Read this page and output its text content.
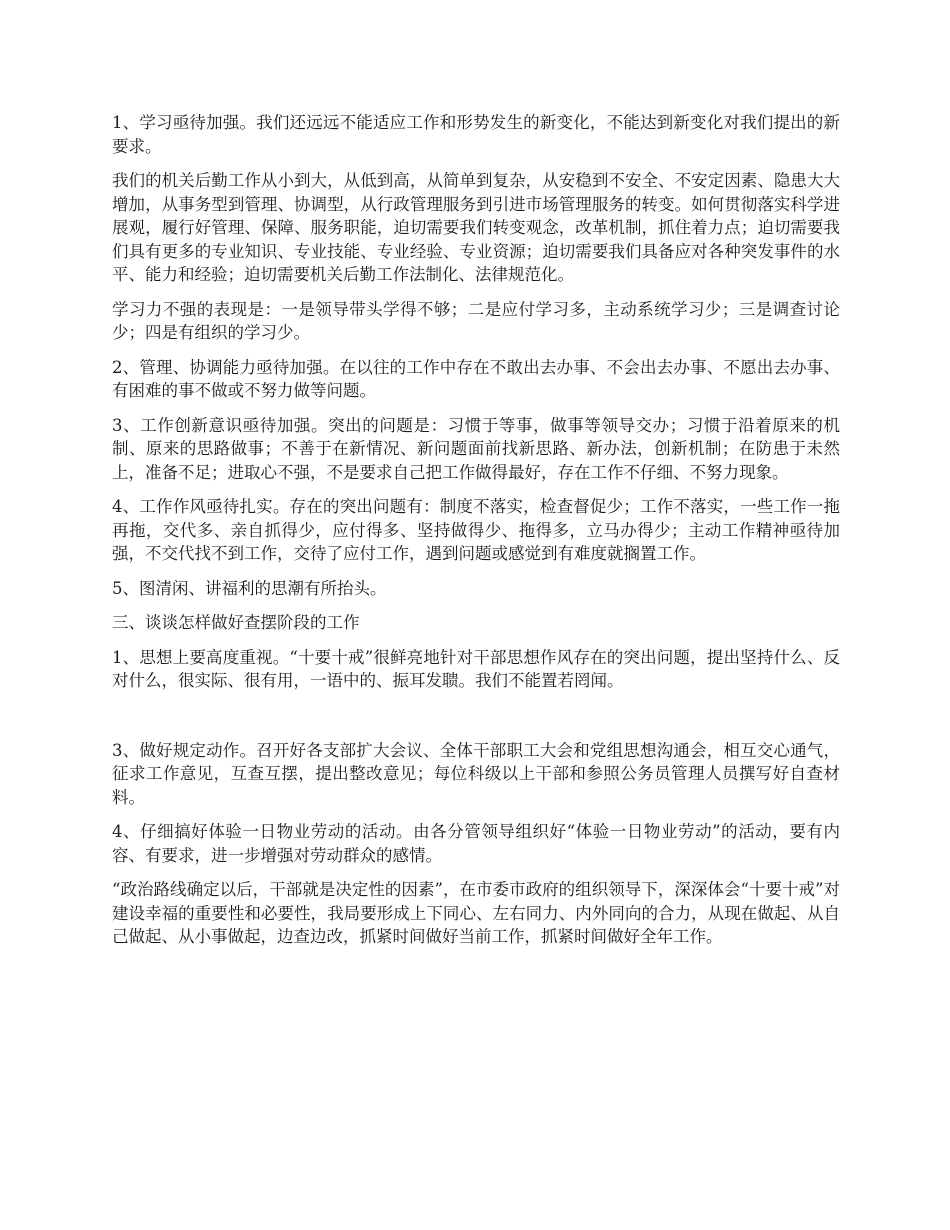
1、学习亟待加强。我们还远远不能适应工作和形势发生的新变化，不能达到新变化对我们提出的新要求。

我们的机关后勤工作从小到大，从低到高，从简单到复杂，从安稳到不安全、不安定因素、隐患大大增加，从事务型到管理、协调型，从行政管理服务到引进市场管理服务的转变。如何贯彻落实科学进展观，履行好管理、保障、服务职能，迫切需要我们转变观念，改革机制，抓住着力点；迫切需要我们具有更多的专业知识、专业技能、专业经验、专业资源；迫切需要我们具备应对各种突发事件的水平、能力和经验；迫切需要机关后勤工作法制化、法律规范化。

学习力不强的表现是：一是领导带头学得不够；二是应付学习多，主动系统学习少；三是调查讨论少；四是有组织的学习少。

2、管理、协调能力亟待加强。在以往的工作中存在不敢出去办事、不会出去办事、不愿出去办事、有困难的事不做或不努力做等问题。

3、工作创新意识亟待加强。突出的问题是：习惯于等事，做事等领导交办；习惯于沿着原来的机制、原来的思路做事；不善于在新情况、新问题面前找新思路、新办法，创新机制；在防患于未然上，准备不足；进取心不强，不是要求自己把工作做得最好，存在工作不仔细、不努力现象。

4、工作作风亟待扎实。存在的突出问题有：制度不落实，检查督促少；工作不落实，一些工作一拖再拖，交代多、亲自抓得少，应付得多、坚持做得少、拖得多，立马办得少；主动工作精神亟待加强，不交代找不到工作，交待了应付工作，遇到问题或感觉到有难度就搁置工作。

5、图清闲、讲福利的思潮有所抬头。

三、谈谈怎样做好查摆阶段的工作

1、思想上要高度重视。“十要十戒”很鲜亮地针对干部思想作风存在的突出问题，提出坚持什么、反对什么，很实际、很有用，一语中的、振耳发聩。我们不能置若罔闻。

3、做好规定动作。召开好各支部扩大会议、全体干部职工大会和党组思想沟通会，相互交心通气，征求工作意见，互查互摆，提出整改意见；每位科级以上干部和参照公务员管理人员撰写好自查材料。

4、仔细搞好体验一日物业劳动的活动。由各分管领导组织好“体验一日物业劳动”的活动，要有内容、有要求，进一步增强对劳动群众的感情。

“政治路线确定以后，干部就是决定性的因素”，在市委市政府的组织领导下，深深体会“十要十戒”对建设幸福的重要性和必要性，我局要形成上下同心、左右同力、内外同向的合力，从现在做起、从自己做起、从小事做起，边查边改，抓紧时间做好当前工作，抓紧时间做好全年工作。
